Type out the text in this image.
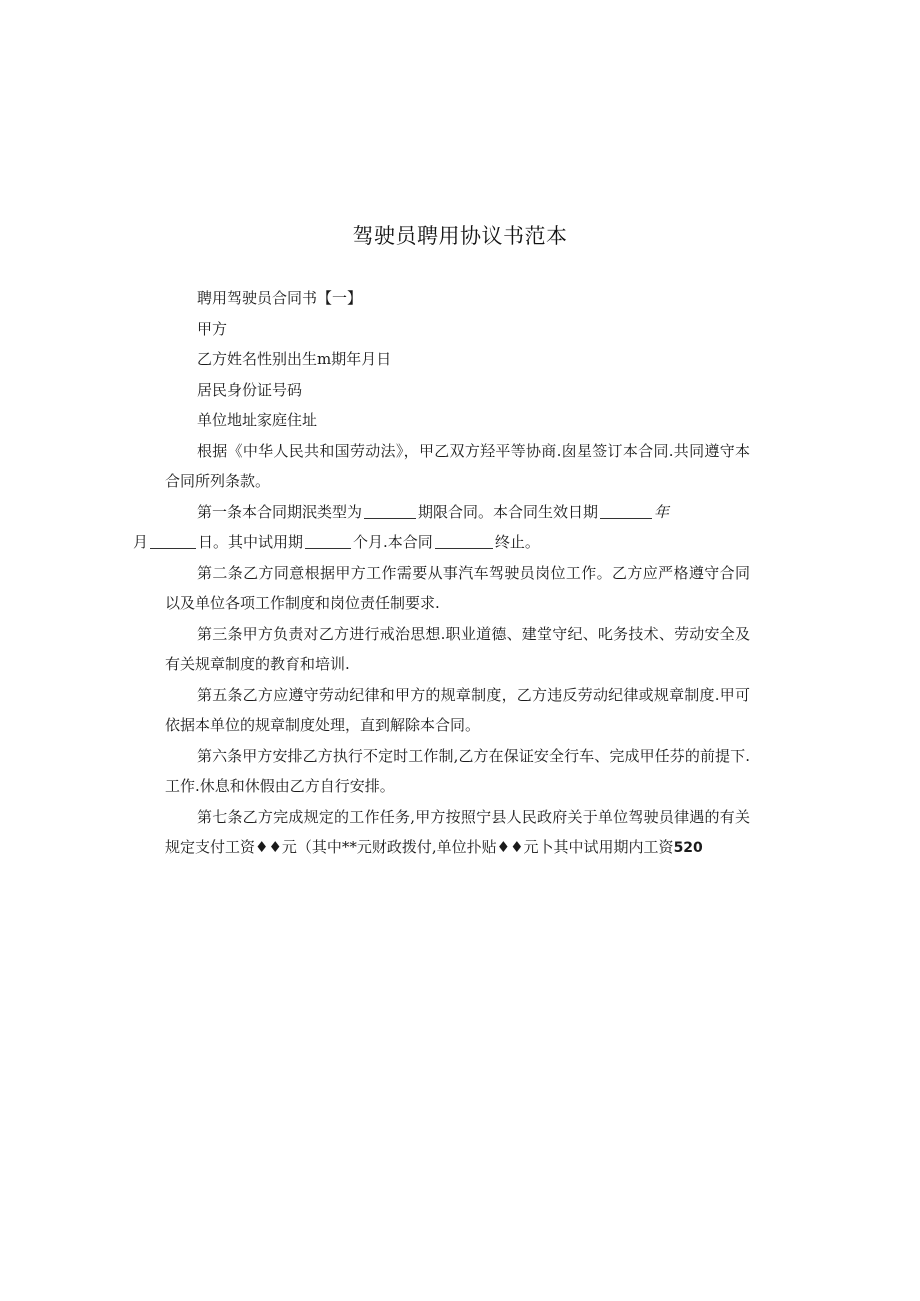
驾驶员聘用协议书范本

聘用驾驶员合同书【一】

甲方

乙方姓名性别出生m期年月日

居民身份证号码

单位地址家庭住址

根据《中华人民共和国劳动法》，甲乙双方羟平等协商.囱星签订本合同.共同遵守本合同所列条款。

第一条本合同期泯类型为	期限合同。本合同生效日期	年
月	日。其中试用期	个月.本合同	终止。

第二条乙方同意根据甲方工作需要从事汽车驾驶员岗位工作。乙方应严格遵守合同以及单位各项工作制度和岗位责任制要求.

第三条甲方负责对乙方进行戒治思想.职业道德、建堂守纪、叱务技术、劳动安全及有关规章制度的教育和培训.

第五条乙方应遵守劳动纪律和甲方的规章制度，乙方违反劳动纪律或规章制度.甲可依据本单位的规章制度处理，直到解除本合同。

第六条甲方安排乙方执行不定时工作制,乙方在保证安全行车、完成甲任芬的前提下.工作.休息和休假由乙方自行安排。

第七条乙方完成规定的工作任务,甲方按照宁县人民政府关于单位驾驶员律遇的有关规定支付工资♦♦元（其中**元财政拨付,单位扑贴♦♦元卜其中试用期内工资520
